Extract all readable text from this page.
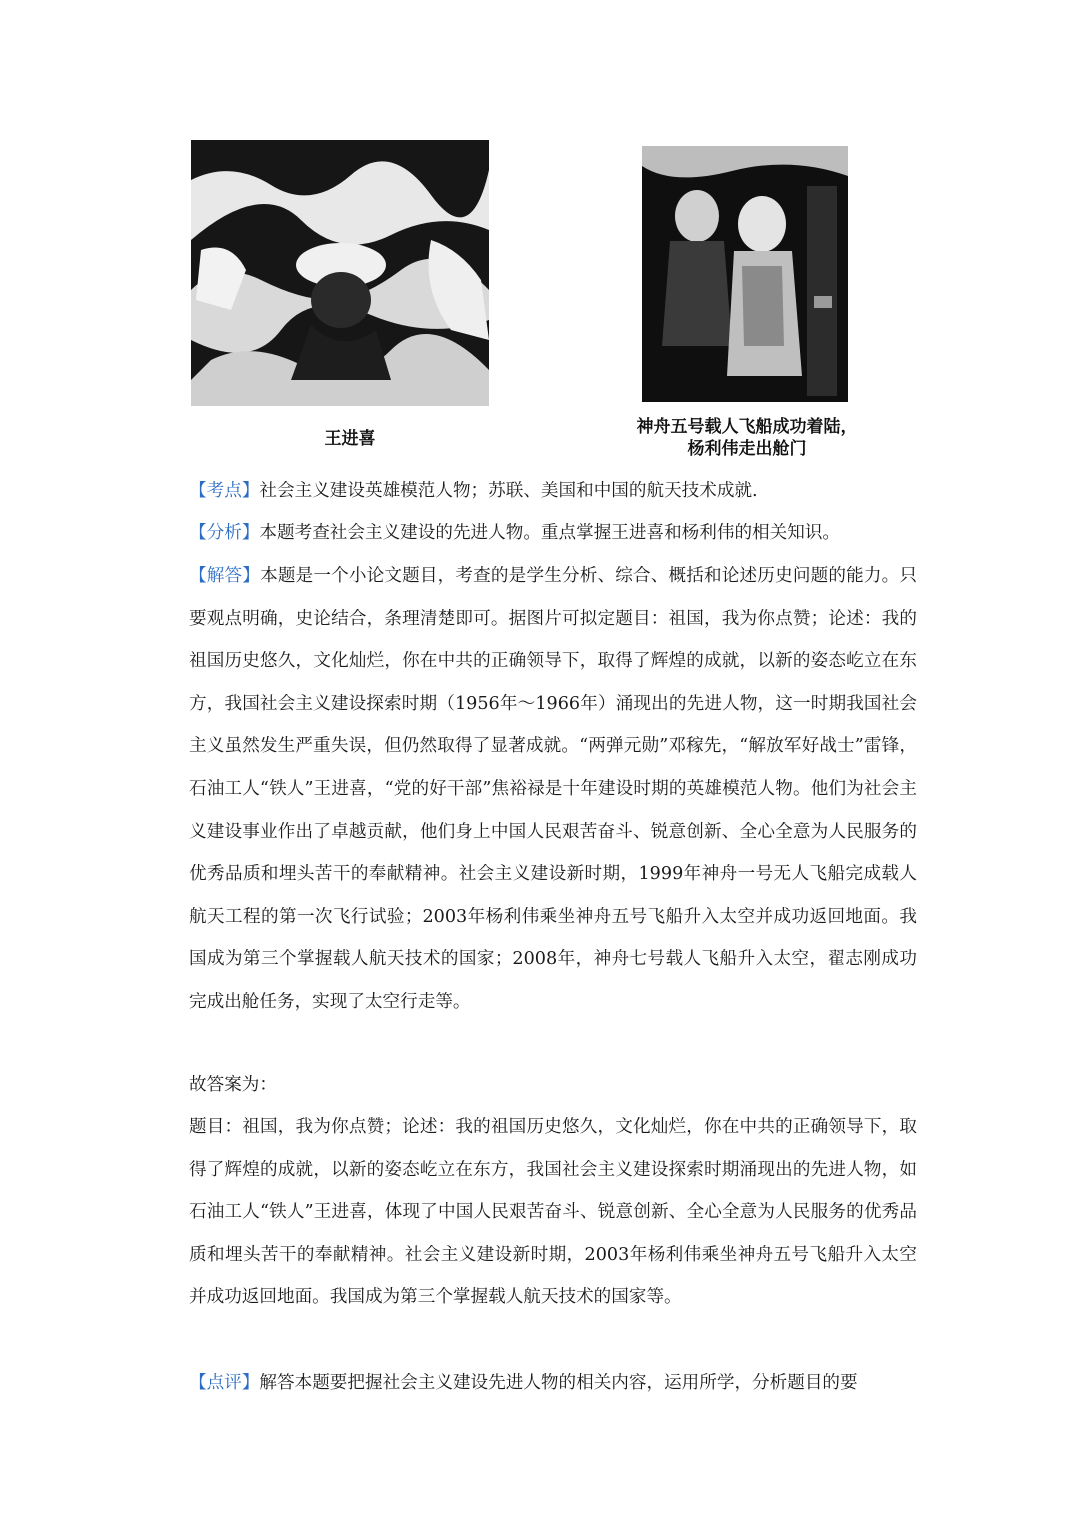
王进喜
神舟五号载人飞船成功着陆，
杨利伟走出舱门

【考点】社会主义建设英雄模范人物；苏联、美国和中国的航天技术成就.

【分析】本题考查社会主义建设的先进人物。重点掌握王进喜和杨利伟的相关知识。

【解答】本题是一个小论文题目，考查的是学生分析、综合、概括和论述历史问题的能力。只要观点明确，史论结合，条理清楚即可。据图片可拟定题目：祖国，我为你点赞；论述：我的祖国历史悠久，文化灿烂，你在中共的正确领导下，取得了辉煌的成就，以新的姿态屹立在东方，我国社会主义建设探索时期（1956年～1966年）涌现出的先进人物，这一时期我国社会主义虽然发生严重失误，但仍然取得了显著成就。“两弹元勋”邓稼先，“解放军好战士”雷锋，石油工人“铁人”王进喜，“党的好干部”焦裕禄是十年建设时期的英雄模范人物。他们为社会主义建设事业作出了卓越贡献，他们身上中国人民艰苦奋斗、锐意创新、全心全意为人民服务的优秀品质和埋头苦干的奉献精神。社会主义建设新时期，1999年神舟一号无人飞船完成载人航天工程的第一次飞行试验；2003年杨利伟乘坐神舟五号飞船升入太空并成功返回地面。我国成为第三个掌握载人航天技术的国家；2008年，神舟七号载人飞船升入太空，翟志刚成功完成出舱任务，实现了太空行走等。

故答案为：

题目：祖国，我为你点赞；论述：我的祖国历史悠久，文化灿烂，你在中共的正确领导下，取得了辉煌的成就，以新的姿态屹立在东方，我国社会主义建设探索时期涌现出的先进人物，如石油工人“铁人”王进喜，体现了中国人民艰苦奋斗、锐意创新、全心全意为人民服务的优秀品质和埋头苦干的奉献精神。社会主义建设新时期，2003年杨利伟乘坐神舟五号飞船升入太空并成功返回地面。我国成为第三个掌握载人航天技术的国家等。

【点评】解答本题要把握社会主义建设先进人物的相关内容，运用所学，分析题目的要
